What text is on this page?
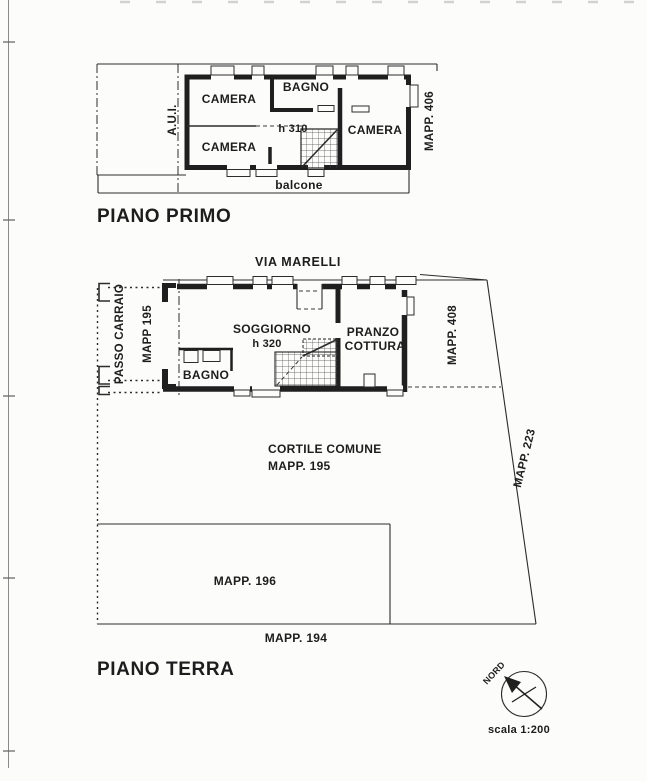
CAMERA
BAGNO
CAMERA
CAMERA
h 310
balcone
A.U.I.	MAPP. 406
PIANO PRIMO
VIA MARELLI
SOGGIORNO
h 320
PRANZO
COTTURA
BAGNO
PASSO CARRAIO MAPP 195	MAPP. 408
MAPP. 223
CORTILE COMUNE
MAPP. 195
MAPP. 196
MAPP. 194
PIANO TERRA	NORD
scala 1:200
